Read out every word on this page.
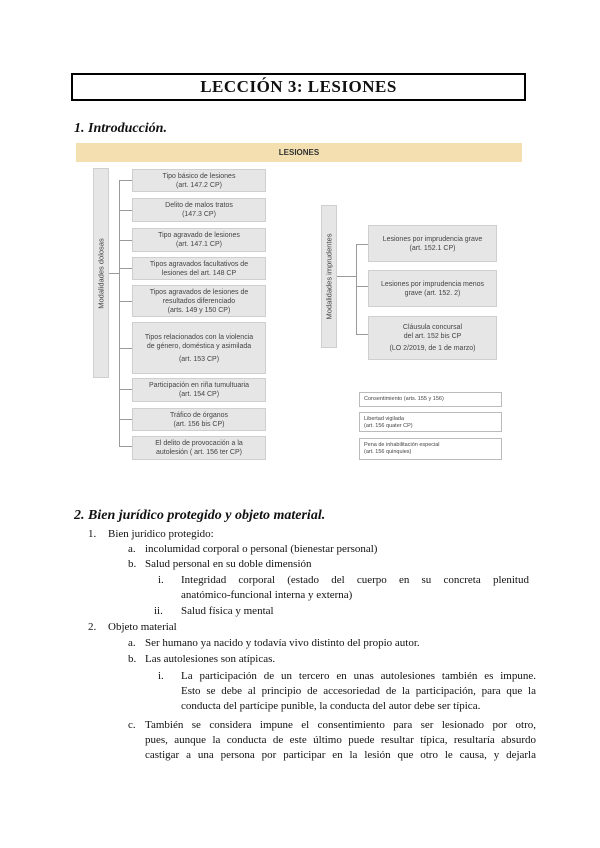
LECCIÓN 3: LESIONES
1. Introducción.
LESIONES
Modalidades dolosas
Tipo básico de lesiones
(art. 147.2 CP)
Delito de malos tratos
(147.3 CP)
Tipo agravado de lesiones
(art. 147.1 CP)
Tipos agravados facultativos de
lesiones del art. 148 CP
Tipos agravados de lesiones de
resultados diferenciado
(arts. 149 y 150 CP)
Tipos relacionados con la violencia
de género, doméstica y asimilada
(art. 153 CP)
Participación en riña tumultuaria
(art. 154 CP)
Tráfico de órganos
(art. 156 bis CP)
El delito de provocación a la
autolesión ( art. 156 ter CP)
Modalidades imprudentes	Lesiones por imprudencia grave
(art. 152.1 CP)
Lesiones por imprudencia menos
grave (art. 152. 2)
Cláusula concursal
del art. 152 bis CP
(LO 2/2019, de 1 de marzo)
Consentimiento (arts. 155 y 156)
Libertad vigilada
(art. 156 quater CP)
Pena de inhabilitación especial
(art. 156 quinquies)
2. Bien jurídico protegido y objeto material.
1. Bien jurídico protegido:
a. incolumidad corporal o personal (bienestar personal)
b. Salud personal en su doble dimensión
i. Integridad corporal (estado del cuerpo en su concreta plenitud
anatómico-funcional interna y externa)
ii. Salud física y mental
2. Objeto material
a. Ser humano ya nacido y todavía vivo distinto del propio autor.
b. Las autolesiones son atípicas.
i. La participación de un tercero en unas autolesiones también es impune.
Esto se debe al principio de accesoriedad de la participación, para que la
conducta del partícipe punible, la conducta del autor debe ser típica.
c. También se considera impune el consentimiento para ser lesionado por otro,
pues, aunque la conducta de este último puede resultar típica, resultaría absurdo
castigar a una persona por participar en la lesión que otro le causa, y dejarla
